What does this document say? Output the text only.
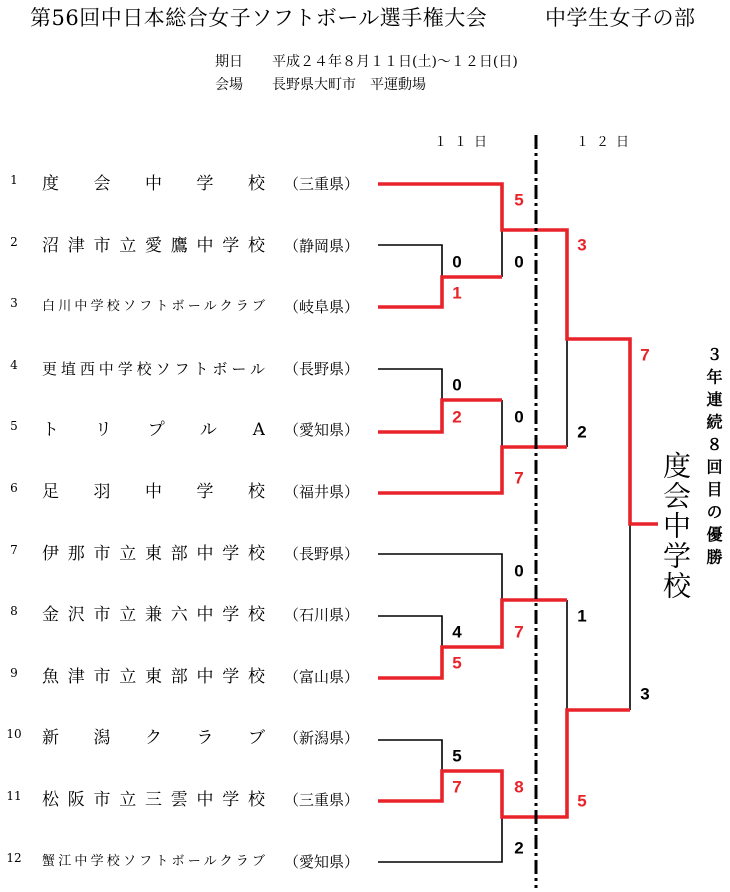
第56回中日本総合女子ソフトボール選手権大会	中学生女子の部
期日 平成２４年８月１１日(土)～１２日(日)
会場 長野県大町市　平運動場
１１日	１２日
1	度会中学校 （三重県）
2	沼津市立愛鷹中学校 （静岡県）
3	白川中学校ソフトボールクラブ （岐阜県）
4	更埴西中学校ソフトボール （長野県）
5	トリプルA （愛知県）
6	足羽中学校 （福井県）
7	伊那市立東部中学校 （長野県）
8	金沢市立兼六中学校 （石川県）
9	魚津市立東部中学校 （富山県）
10 新潟クラブ （新潟県）
11 松阪市立三雲中学校 （三重県）
12 蟹江中学校ソフトボールクラブ （愛知県）
0
1
0
2
4
5
5
7
5
0
0
7
0
7
8
2
3
2
1
5
7
3
度会中学校 ３年連続８回目の優勝
